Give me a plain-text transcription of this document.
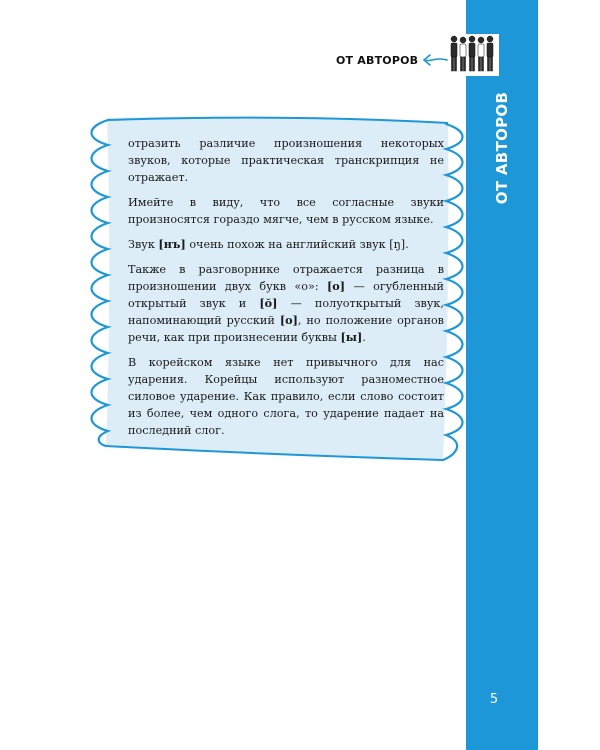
ОТ АВТОРОВ
5
ОТ АВТОРОВ

отразить различие произношения некоторых звуков, которые практическая транскрипция не отражает.

Имейте в виду, что все согласные звуки произносятся гораздо мягче, чем в русском языке.

Звук [нъ] очень похож на английский звук [ŋ].

Также в разговорнике отражается разница в произношении двух букв «о»: [о] — огубленный открытый звук и [ŏ] — полуоткрытый звук, напоминающий русский [о], но положение органов речи, как при произнесении буквы [ы].

В корейском языке нет привычного для нас ударения. Корейцы используют разноместное силовое ударение. Как правило, если слово состоит из более, чем одного слога, то ударение падает на последний слог.
